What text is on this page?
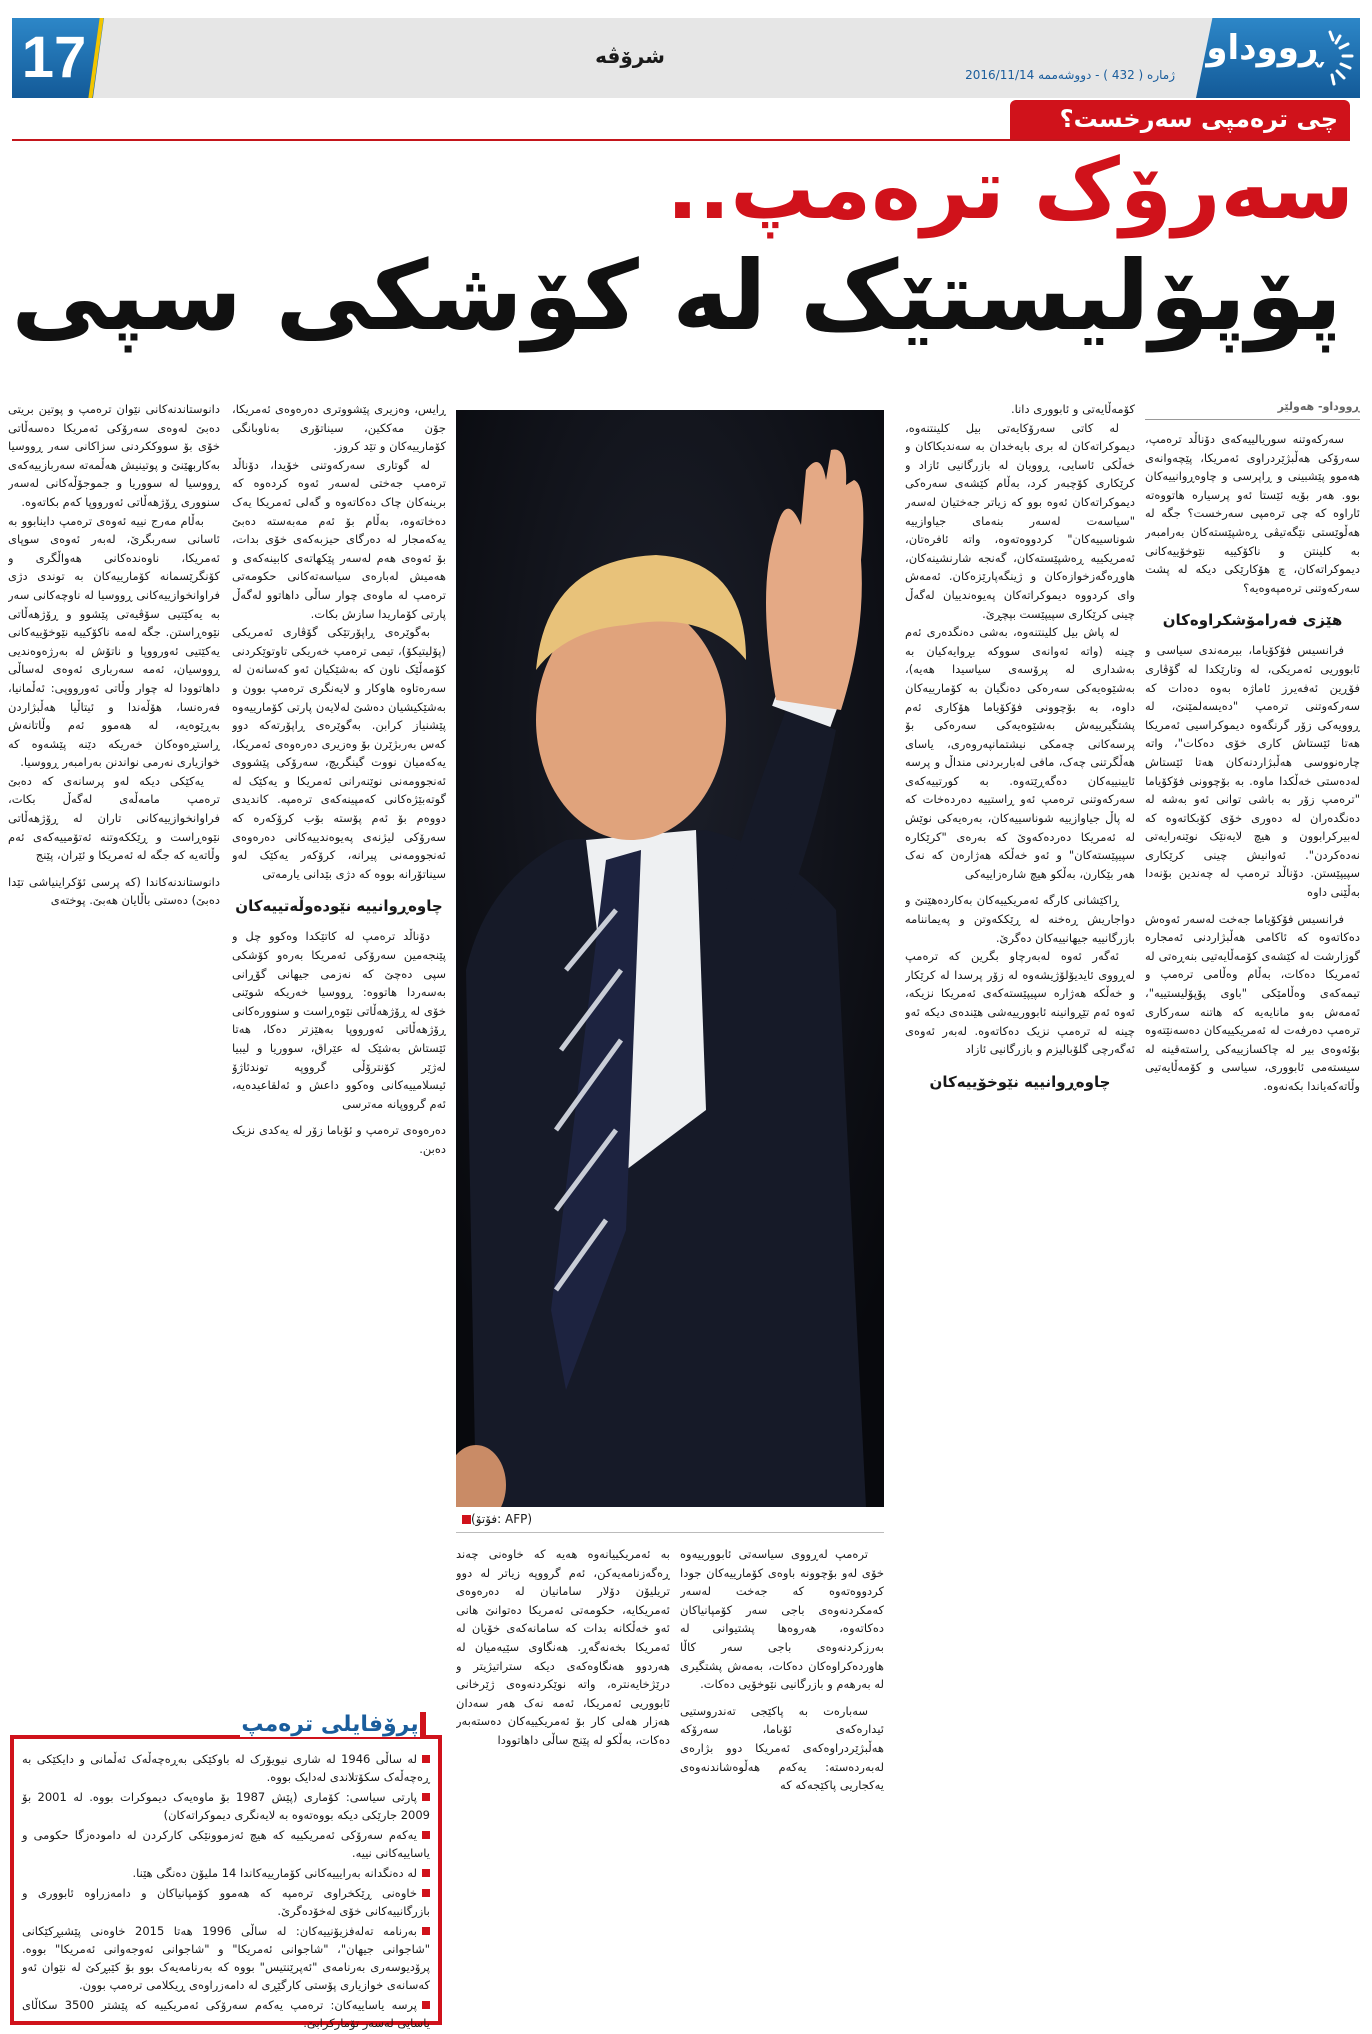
17	شرۆڤە
ژمارە ( 432 ) - دووشەممە 2016/11/14
ڕووداو
چی ترەمپی سەرخست؟
سەرۆک ترەمپ..
پۆپۆلیستێک لە کۆشکی سپی
ڕووداو- هەولێر

سەرکەوتنە سوریالییەکەی دۆناڵد ترەمپ، سەرۆکی هەڵبژێردراوی ئەمریکا، پێچەوانەی هەموو پێشبینی و ڕاپرسی و چاوەڕوانییەکان بوو. هەر بۆیە ئێستا ئەو پرسیارە هاتووەتە ئاراوە کە چی ترەمپی سەرخست؟ جگە لە هەڵوێستی نێگەتیڤی ڕەشپێستەکان بەرامبەر بە کلینتن و ناکۆکییە نێوخۆییەکانی دیموکراتەکان، چ هۆکارێکی دیکە لە پشت سەرکەوتنی ترەمپەوەیە؟

هێزی فەرامۆشکراوەکان

فرانسیس فۆکۆیاما، بیرمەندی سیاسی و ئابووریی ئەمریکی، لە وتارێکدا لە گۆڤاری فۆڕین ئەفەیرز ئاماژە بەوە دەدات کە سەرکەوتنی ترەمپ "دەیسەلمێنێ، لە ڕوویەکی زۆر گرنگەوە دیموکراسیی ئەمریکا هەتا ئێستاش کاری خۆی دەکات"، واتە چارەنووسی هەڵبژاردنەکان هەتا ئێستاش لەدەستی خەڵکدا ماوە. بە بۆچوونی فۆکۆیاما "ترەمپ زۆر بە باشی توانی ئەو بەشە لە دەنگدەران لە دەوری خۆی کۆبکاتەوە کە لەبیرکرابوون و هیچ لایەنێک نوێنەرایەتی نەدەکردن". ئەوانیش چینی کرێکاری سپیپێستن. دۆناڵد ترەمپ لە چەندین بۆنەدا بەڵێنی داوە

فرانسیس فۆکۆیاما جەخت لەسەر ئەوەش دەکاتەوە کە ئاکامی هەڵبژاردنی ئەمجارە گوزارشت لە کێشەی کۆمەڵایەتیی بنەڕەتی لە ئەمریکا دەکات، بەڵام وەڵامی ترەمپ و تیمەکەی وەڵامێکی "باوی پۆپۆلیستییە"، ئەمەش بەو مانایەیە کە هاتنە سەرکاری ترەمپ دەرفەت لە ئەمریکییەکان دەسەنێتەوە بۆئەوەی بیر لە چاکسازییەکی ڕاستەقینە لە سیستەمی ئابووری، سیاسی و کۆمەڵایەتیی وڵاتەکەیاندا بکەنەوە.

کۆمەڵایەتی و ئابووری دانا.

لە کاتی سەرۆکایەتی بیل کلینتنەوە، دیموکراتەکان لە بری بایەخدان بە سەندیکاکان و خەڵکی ئاسایی، ڕوویان لە بازرگانیی ئازاد و کرێکاری کۆچبەر کرد، بەڵام کێشەی سەرەکی دیموکراتەکان ئەوە بوو کە زیاتر جەختیان لەسەر "سیاسەت لەسەر بنەمای جیاوازییە شوناسییەکان" کردووەتەوە، واتە ئافرەتان، ئەمریکییە ڕەشپێستەکان، گەنجە شارنشینەکان، هاوڕەگەزخوازەکان و ژینگەپارێزەکان. ئەمەش وای کردووە دیموکراتەکان پەیوەندییان لەگەڵ چینی کرێکاری سپیپێست بپچڕێ.

لە پاش بیل کلینتنەوە، بەشی دەنگدەری ئەم چینە (واتە ئەوانەی سووکە بڕوایەکیان بە بەشداری لە پرۆسەی سیاسیدا هەیە)، بەشێوەیەکی سەرەکی دەنگیان بە کۆمارییەکان داوە، بە بۆچوونی فۆکۆیاما هۆکاری ئەم پشتگیرییەش بەشێوەیەکی سەرەکی بۆ پرسەکانی چەمکی نیشتمانپەروەری، یاسای هەڵگرتنی چەک، مافی لەباربردنی منداڵ و پرسە ئایینییەکان دەگەڕێتەوە. بە کورتییەکەی سەرکەوتنی ترەمپ ئەو ڕاستییە دەردەخات کە لە پاڵ جیاوازییە شوناسییەکان، بەرەیەکی نوێش لە ئەمریکا دەردەکەوێ کە بەرەی "کرێکارە سپیپێستەکان" و ئەو خەڵکە هەژارەن کە نەک هەر بێکارن، بەڵکو هیچ شارەزاییەکی

ڕاکێشانی کارگە ئەمریکییەکان بەکاردەهێنێ و دواجاریش ڕەخنە لە ڕێککەوتن و پەیماننامە بازرگانییە جیهانییەکان دەگرێ.

ئەگەر ئەوە لەبەرچاو بگرین کە ترەمپ لەڕووی ئایدیۆلۆژیشەوە لە زۆر پرسدا لە کرێکار و خەڵکە هەژارە سپیپێستەکەی ئەمریکا نزیکە، ئەوە ئەم تێڕوانینە ئابوورییەشی هێندەی دیکە ئەو چینە لە ترەمپ نزیک دەکاتەوە. لەبەر ئەوەی ئەگەرچی گلۆبالیزم و بازرگانیی ئازاد

چاوەڕوانییە نێوخۆییەکان
(فۆتۆ: AFP)

ترەمپ لەڕووی سیاسەتی ئابوورییەوە خۆی لەو بۆچوونە باوەی کۆمارییەکان جودا کردووەتەوە کە جەخت لەسەر کەمکردنەوەی باجی سەر کۆمپانیاکان دەکاتەوە، هەروەها پشتیوانی لە بەرزکردنەوەی باجی سەر کاڵا هاوردەکراوەکان دەکات، بەمەش پشتگیری لە بەرهەم و بازرگانیی نێوخۆیی دەکات.

سەبارەت بە پاکێجی تەندروستیی ئیدارەکەی ئۆباما، سەرۆکە هەڵبژێردراوەکەی ئەمریکا دوو بژارەی لەبەردەستە: یەکەم هەڵوەشاندنەوەی یەکجاریی پاکێجەکە کە

بە ئەمریکییانەوە هەیە کە خاوەنی چەند ڕەگەزنامەیەکن، ئەم گرووپە زیاتر لە دوو تریلیۆن دۆلار سامانیان لە دەرەوەی ئەمریکایە، حکومەتی ئەمریکا دەتوانێ هانی ئەو خەڵکانە بدات کە سامانەکەی خۆیان لە ئەمریکا بخەنەگەڕ. هەنگاوی سێیەمیان لە هەردوو هەنگاوەکەی دیکە ستراتیژیتر و درێژخایەنترە، واتە نوێکردنەوەی ژێرخانی ئابووریی ئەمریکا، ئەمە نەک هەر سەدان هەزار هەلی کار بۆ ئەمریکییەکان دەستەبەر دەکات، بەڵکو لە پێنج ساڵی داهاتوودا

ڕایس، وەزیری پێشووتری دەرەوەی ئەمریکا، جۆن مەککین، سیناتۆری بەناوبانگی کۆمارییەکان و تێد کروز.

لە گوتاری سەرکەوتنی خۆیدا، دۆناڵد ترەمپ جەختی لەسەر ئەوە کردەوە کە برینەکان چاک دەکاتەوە و گەلی ئەمریکا یەک دەخاتەوە، بەڵام بۆ ئەم مەبەستە دەبێ یەکەمجار لە دەرگای حیزبەکەی خۆی بدات، بۆ ئەوەی هەم لەسەر پێکهاتەی کابینەکەی و هەمیش لەبارەی سیاسەتەکانی حکومەتی ترەمپ لە ماوەی چوار ساڵی داهاتوو لەگەڵ پارتی کۆماریدا سازش بکات.

بەگوێرەی ڕاپۆرتێکی گۆڤاری ئەمریکی (پۆلیتیکۆ)، تیمی ترەمپ خەریکی تاوتوێکردنی کۆمەڵێک ناون کە بەشێکیان ئەو کەسانەن لە سەرەتاوە هاوکار و لایەنگری ترەمپ بوون و بەشێکیشیان دەشێ لەلایەن پارتی کۆمارییەوە پێشنیاز کرابن. بەگوێرەی ڕاپۆرتەکە دوو کەس بەربژێرن بۆ وەزیری دەرەوەی ئەمریکا، یەکەمیان نووت گینگریچ، سەرۆکی پێشووی ئەنجوومەنی نوێنەرانی ئەمریکا و یەکێک لە گوتەبێژەکانی کەمپینەکەی ترەمپە. کاندیدی دووەم بۆ ئەم پۆستە بۆب کرۆکەرە کە سەرۆکی لیژنەی پەیوەندییەکانی دەرەوەی ئەنجوومەنی پیرانە، کرۆکەر یەکێک لەو سیناتۆرانە بووە کە دژی بێدانی یارمەتی

چاوەڕوانییە نێودەوڵەتییەکان

دۆناڵد ترەمپ لە کاتێکدا وەکوو چل و پێنجەمین سەرۆکی ئەمریکا بەرەو کۆشکی سپی دەچێ کە نەزمی جیهانی گۆڕانی بەسەردا هاتووە: ڕووسیا خەریکە شوێنی خۆی لە ڕۆژهەڵاتی نێوەڕاست و سنوورەکانی ڕۆژهەڵاتی ئەورووپا بەهێزتر دەکا، هەتا ئێستاش بەشێک لە عێراق، سووریا و لیبیا لەژێر کۆنترۆڵی گرووپە توندئاژۆ ئیسلامییەکانی وەکوو داعش و ئەلقاعیدەیە، ئەم گرووپانە مەترسی

دەرەوەی ترەمپ و ئۆباما زۆر لە یەکدی نزیک دەبن.

دانوستاندنەکانی نێوان ترەمپ و پوتین بریتی دەبێ لەوەی سەرۆکی ئەمریکا دەسەڵاتی خۆی بۆ سووککردنی سزاکانی سەر ڕووسیا بەکاربهێنێ و پوتینیش هەڵمەتە سەربازییەکەی ڕووسیا لە سووریا و جموجۆڵەکانی لەسەر سنووری ڕۆژهەڵاتی ئەورووپا کەم بکاتەوە.

بەڵام مەرج نییە ئەوەی ترەمپ داینابوو بە ئاسانی سەربگرێ، لەبەر ئەوەی سوپای ئەمریکا، ناوەندەکانی هەواڵگری و کۆنگرێسمانە کۆمارییەکان بە توندی دژی فراوانخوازییەکانی ڕووسیا لە ناوچەکانی سەر بە یەکێتیی سۆڤیەتی پێشوو و ڕۆژهەڵاتی نێوەڕاستن. جگە لەمە ناکۆکییە نێوخۆییەکانی یەکێتیی ئەورووپا و ناتۆش لە بەرژەوەندیی ڕووسیان، ئەمە سەرباری ئەوەی لەساڵی داهاتوودا لە چوار وڵاتی ئەورووپی: ئەڵمانیا، فەرەنسا، هۆڵەندا و ئیتاڵیا هەڵبژاردن بەڕێوەیە، لە هەموو ئەم وڵاتانەش ڕاستڕەوەکان خەریکە دێنە پێشەوە کە خوازیاری نەرمی نواندنن بەرامبەر ڕووسیا.

یەکێکی دیکە لەو پرسانەی کە دەبێ ترەمپ مامەڵەی لەگەڵ بکات، فراوانخوازییەکانی تاران لە ڕۆژهەڵاتی نێوەڕاست و ڕێککەوتنە ئەتۆمییەکەی ئەم وڵاتەیە کە جگە لە ئەمریکا و ئێران، پێنج

دانوستاندنەکاندا (کە پرسی ئۆکراینیاشی تێدا دەبێ) دەستی باڵایان هەبێ. پوختەی

پرۆفایلی ترەمپ
لە ساڵی 1946 لە شاری نیویۆرک لە باوکێکی بەڕەچەڵەک ئەڵمانی و دایکێکی بە ڕەچەڵەک سکۆتلاندی لەدایک بووە.
پارتی سیاسی: کۆماری (پێش 1987 بۆ ماوەیەک دیموکرات بووە. لە 2001 بۆ 2009 جارێکی دیکە بووەتەوە بە لایەنگری دیموکراتەکان)
یەکەم سەرۆکی ئەمریکییە کە هیچ ئەزموونێکی کارکردن لە دامودەزگا حکومی و یاساییەکانی نییە.
لە دەنگدانە بەرایییەکانی کۆمارییەکاندا 14 ملیۆن دەنگی هێنا.
خاوەنی ڕێکخراوی ترەمپە کە هەموو کۆمپانیاکان و دامەزراوە ئابووری و بازرگانییەکانی خۆی لەخۆدەگرێ.
بەرنامە تەلەفزیۆنییەکان: لە ساڵی 1996 هەتا 2015 خاوەنی پێشبڕکێکانی "شاجوانی جیهان"، "شاجوانی ئەمریکا" و "شاجوانی ئەوجەوانی ئەمریکا" بووە. پرۆدیوسەری بەرنامەی "ئەپرێنتیس" بووە کە بەرنامەیەک بوو بۆ کێبڕکێ لە نێوان ئەو کەسانەی خوازیاری پۆستی کارگێڕی لە دامەزراوەی ڕیکلامی ترەمپ بوون.
پرسە یاساییەکان: ترەمپ یەکەم سەرۆکی ئەمریکییە کە پێشتر 3500 سکاڵای یاسایی لەسەر تۆمارکرابێ.
